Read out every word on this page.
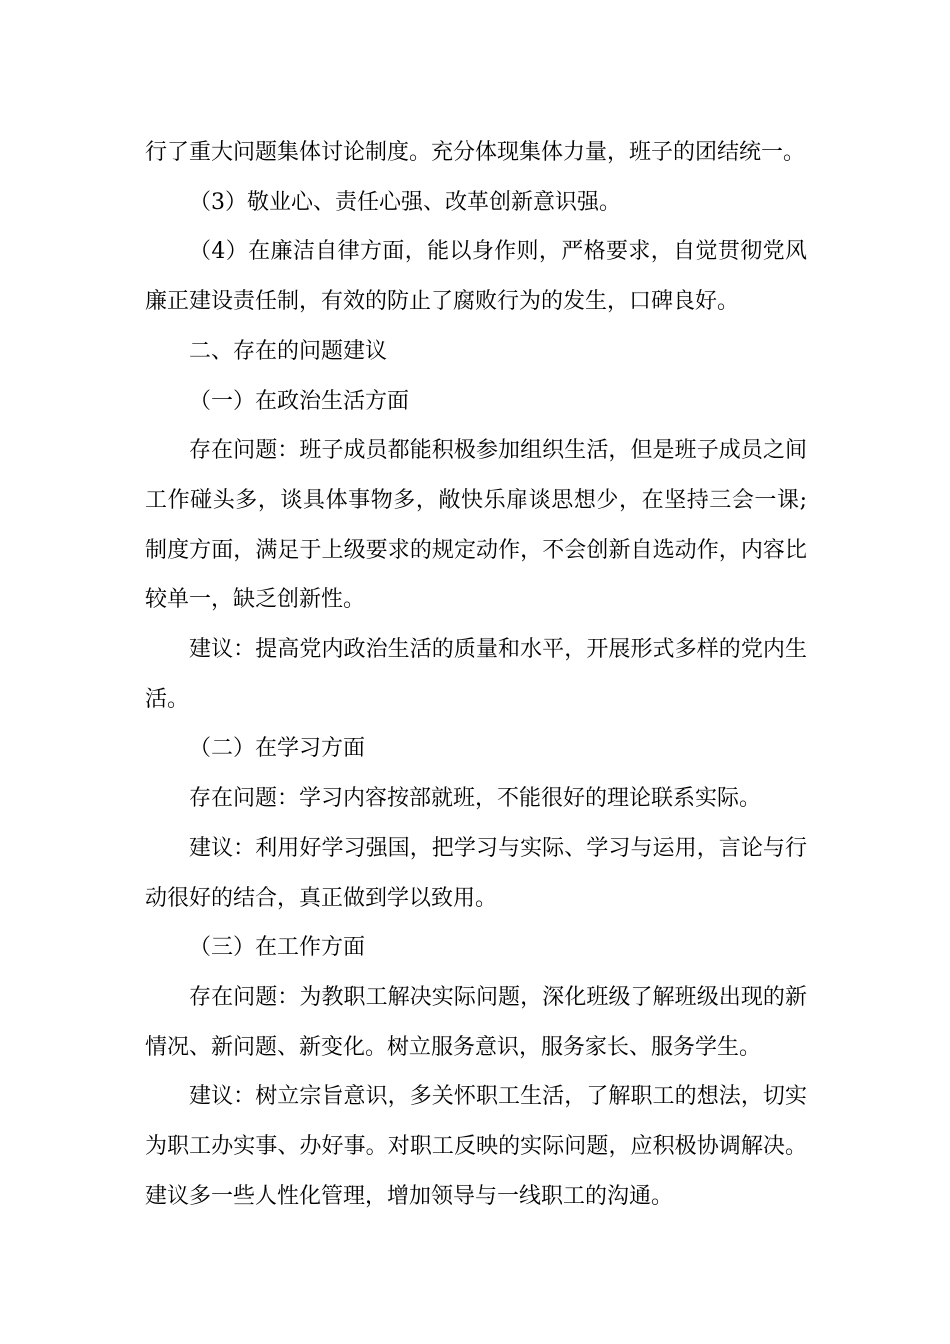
行了重大问题集体讨论制度。充分体现集体力量，班子的团结统一。

（3）敬业心、责任心强、改革创新意识强。

（4）在廉洁自律方面，能以身作则，严格要求，自觉贯彻党风廉正建设责任制，有效的防止了腐败行为的发生，口碑良好。

二、存在的问题建议

（一）在政治生活方面

存在问题：班子成员都能积极参加组织生活，但是班子成员之间工作碰头多，谈具体事物多，敞快乐扉谈思想少，在坚持三会一课;制度方面，满足于上级要求的规定动作，不会创新自选动作，内容比较单一，缺乏创新性。

建议：提高党内政治生活的质量和水平，开展形式多样的党内生活。

（二）在学习方面

存在问题：学习内容按部就班，不能很好的理论联系实际。

建议：利用好学习强国，把学习与实际、学习与运用，言论与行动很好的结合，真正做到学以致用。

（三）在工作方面

存在问题：为教职工解决实际问题，深化班级了解班级出现的新情况、新问题、新变化。树立服务意识，服务家长、服务学生。

建议：树立宗旨意识，多关怀职工生活，了解职工的想法，切实为职工办实事、办好事。对职工反映的实际问题，应积极协调解决。建议多一些人性化管理，增加领导与一线职工的沟通。
